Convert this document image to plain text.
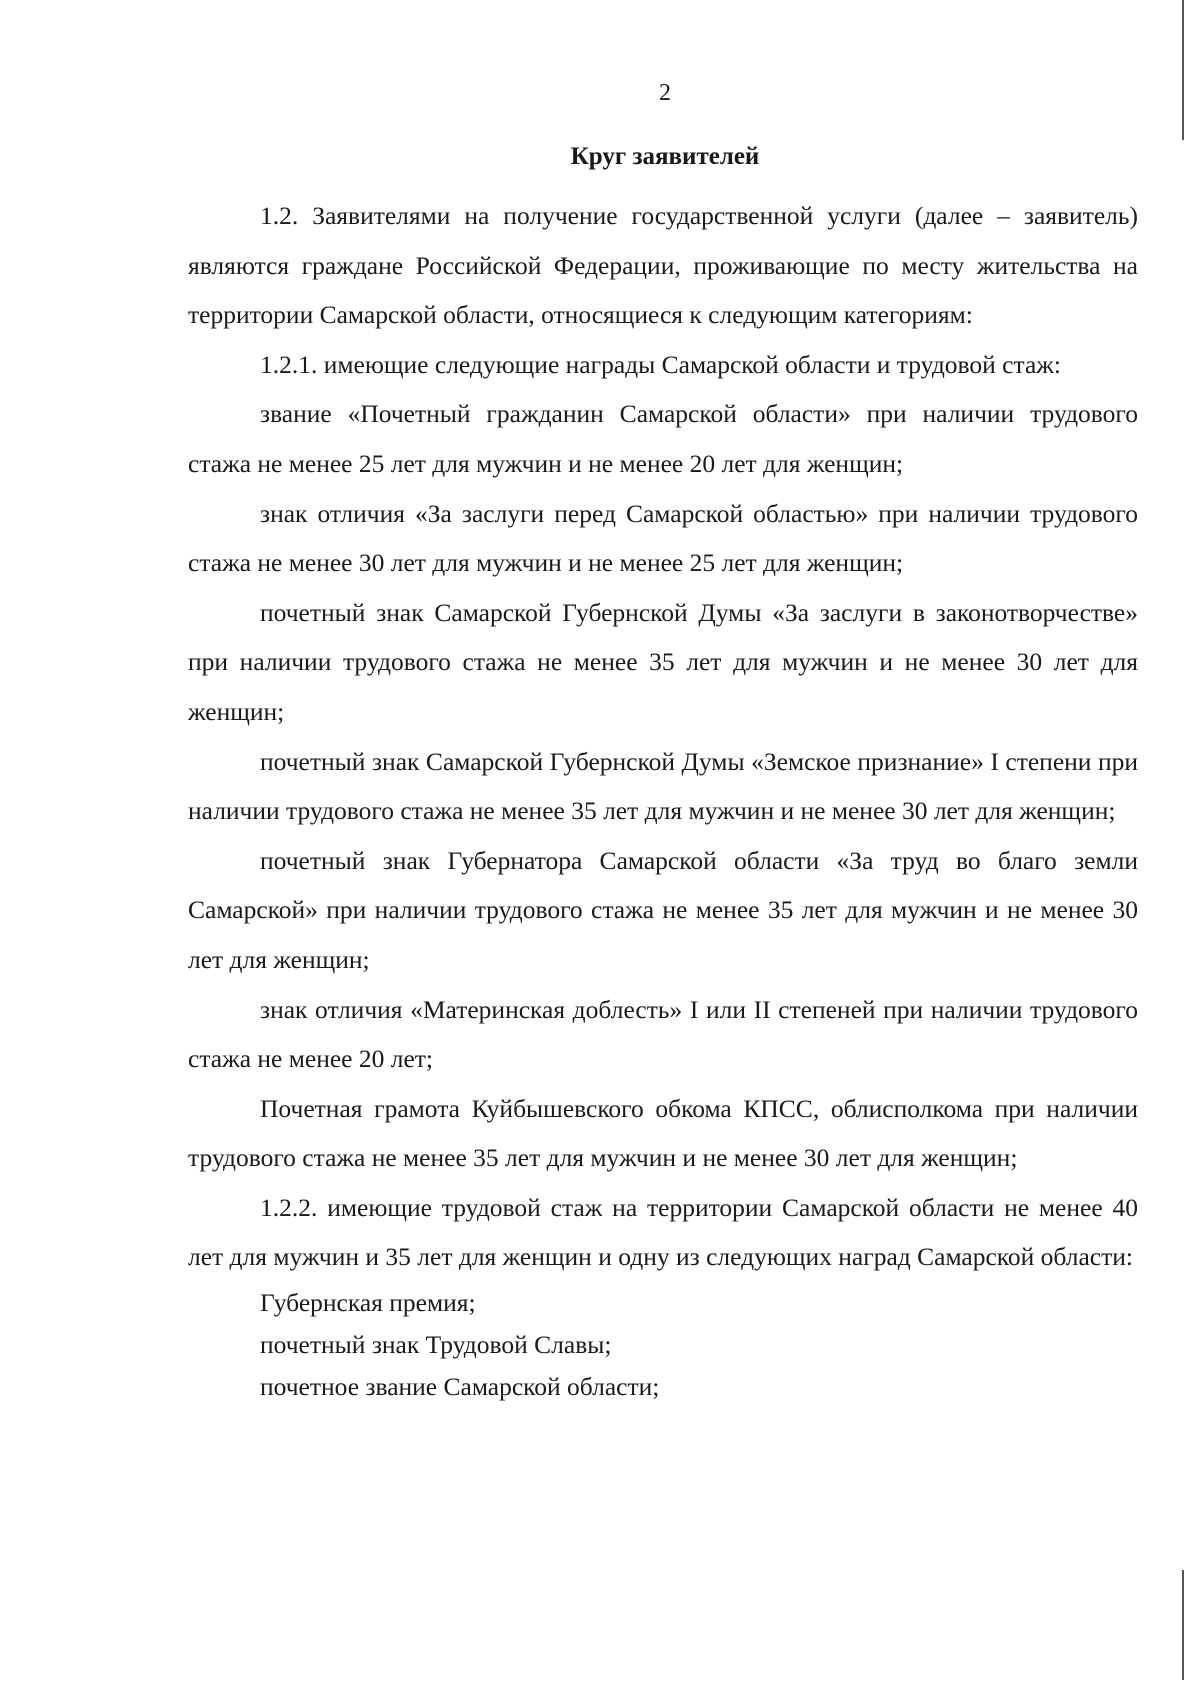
2
Круг заявителей

1.2. Заявителями на получение государственной услуги (далее – заявитель) являются граждане Российской Федерации, проживающие по месту жительства на территории Самарской области, относящиеся к следующим категориям:

1.2.1. имеющие следующие награды Самарской области и трудовой стаж:

звание «Почетный гражданин Самарской области» при наличии трудового стажа не менее 25 лет для мужчин и не менее 20 лет для женщин;

знак отличия «За заслуги перед Самарской областью» при наличии трудового стажа не менее 30 лет для мужчин и не менее 25 лет для женщин;

почетный знак Самарской Губернской Думы «За заслуги в законотворчестве» при наличии трудового стажа не менее 35 лет для мужчин и не менее 30 лет для женщин;

почетный знак Самарской Губернской Думы «Земское признание» I степени при наличии трудового стажа не менее 35 лет для мужчин и не менее 30 лет для женщин;

почетный знак Губернатора Самарской области «За труд во благо земли Самарской» при наличии трудового стажа не менее 35 лет для мужчин и не менее 30 лет для женщин;

знак отличия «Материнская доблесть» I или II степеней при наличии трудового стажа не менее 20 лет;

Почетная грамота Куйбышевского обкома КПСС, облисполкома при наличии трудового стажа не менее 35 лет для мужчин и не менее 30 лет для женщин;

1.2.2. имеющие трудовой стаж на территории Самарской области не менее 40 лет для мужчин и 35 лет для женщин и одну из следующих наград Самарской области:

Губернская премия;

почетный знак Трудовой Славы;

почетное звание Самарской области;
